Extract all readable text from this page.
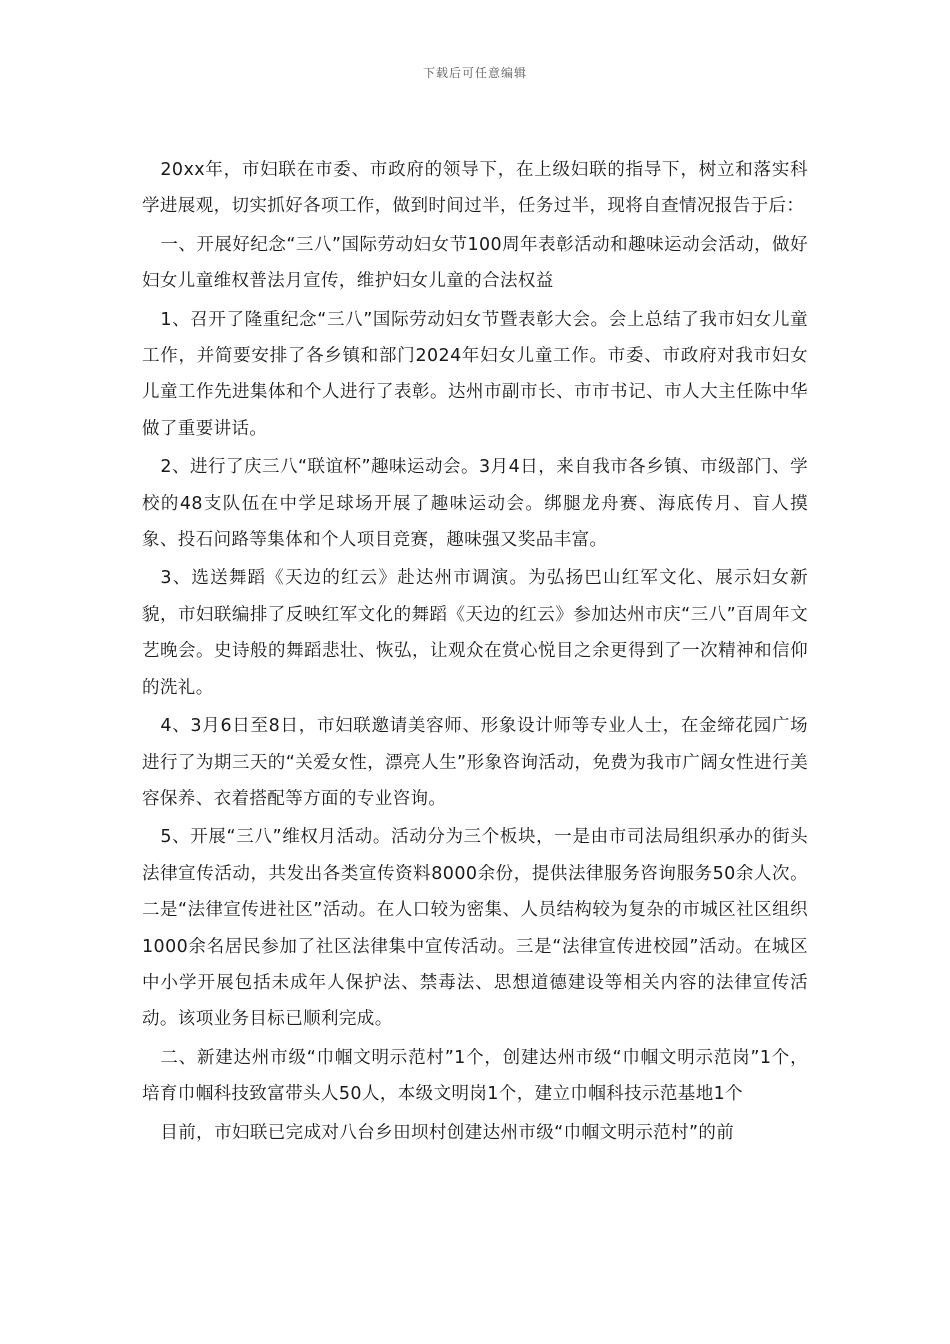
下载后可任意编辑

20xx年，市妇联在市委、市政府的领导下，在上级妇联的指导下，树立和落实科学进展观，切实抓好各项工作，做到时间过半，任务过半，现将自查情况报告于后：

一、开展好纪念“三八”国际劳动妇女节100周年表彰活动和趣味运动会活动，做好妇女儿童维权普法月宣传，维护妇女儿童的合法权益

1、召开了隆重纪念“三八”国际劳动妇女节暨表彰大会。会上总结了我市妇女儿童工作，并简要安排了各乡镇和部门2024年妇女儿童工作。市委、市政府对我市妇女儿童工作先进集体和个人进行了表彰。达州市副市长、市市书记、市人大主任陈中华做了重要讲话。

2、进行了庆三八“联谊杯”趣味运动会。3月4日，来自我市各乡镇、市级部门、学校的48支队伍在中学足球场开展了趣味运动会。绑腿龙舟赛、海底传月、盲人摸象、投石问路等集体和个人项目竞赛，趣味强又奖品丰富。

3、选送舞蹈《天边的红云》赴达州市调演。为弘扬巴山红军文化、展示妇女新貌，市妇联编排了反映红军文化的舞蹈《天边的红云》参加达州市庆“三八”百周年文艺晚会。史诗般的舞蹈悲壮、恢弘，让观众在赏心悦目之余更得到了一次精神和信仰的洗礼。

4、3月6日至8日，市妇联邀请美容师、形象设计师等专业人士，在金缔花园广场进行了为期三天的“关爱女性，漂亮人生”形象咨询活动，免费为我市广阔女性进行美容保养、衣着搭配等方面的专业咨询。

5、开展“三八”维权月活动。活动分为三个板块，一是由市司法局组织承办的街头法律宣传活动，共发出各类宣传资料8000余份，提供法律服务咨询服务50余人次。二是“法律宣传进社区”活动。在人口较为密集、人员结构较为复杂的市城区社区组织1000余名居民参加了社区法律集中宣传活动。三是“法律宣传进校园”活动。在城区中小学开展包括未成年人保护法、禁毒法、思想道德建设等相关内容的法律宣传活动。该项业务目标已顺利完成。

二、新建达州市级“巾帼文明示范村”1个，创建达州市级“巾帼文明示范岗”1个，培育巾帼科技致富带头人50人，本级文明岗1个，建立巾帼科技示范基地1个

目前，市妇联已完成对八台乡田坝村创建达州市级“巾帼文明示范村”的前
